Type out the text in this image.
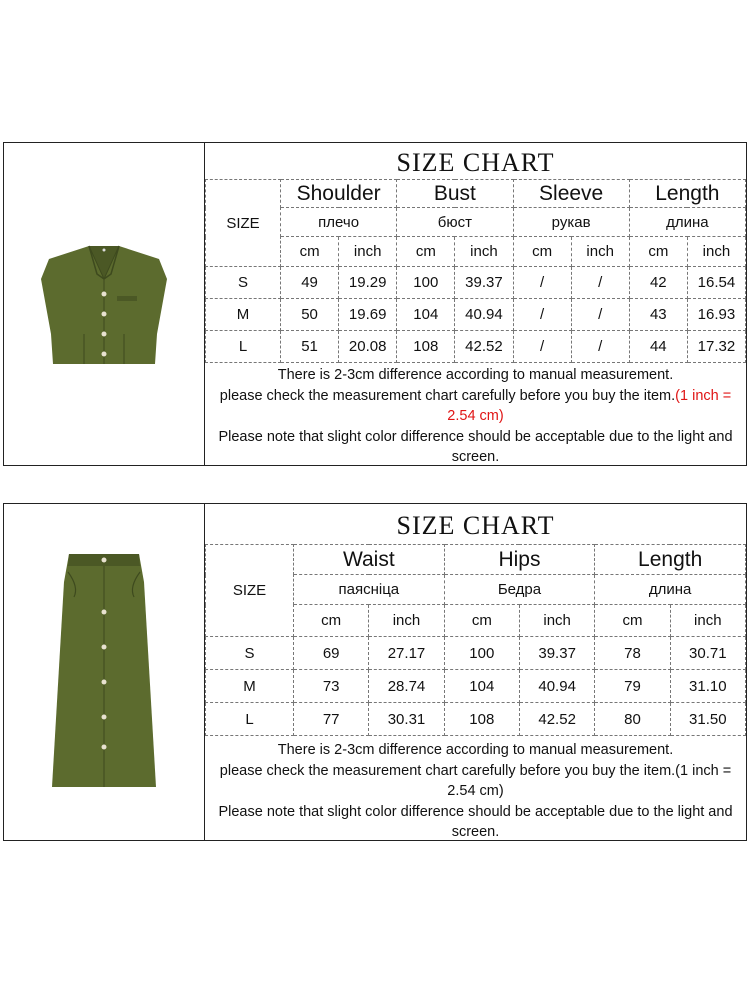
SIZE CHART
SIZE	Shoulder		Bust		Sleeve		Length	
	плечо		бюст		рукав		длина	
	cm	inch	cm	inch	cm	inch	cm	inch
S	49	19.29	100	39.37	/	/	42	16.54
M	50	19.69	104	40.94	/	/	43	16.93
L	51	20.08	108	42.52	/	/	44	17.32
There is 2-3cm difference according to manual measurement.
please check the measurement chart carefully before you buy the item.(1 inch = 2.54 cm)
Please note that slight color difference should be acceptable due to the light and screen.
SIZE CHART
SIZE	Waist		Hips		Length	
	паясніца		Бедра		длина	
	cm	inch	cm	inch	cm	inch
S	69	27.17	100	39.37	78	30.71
M	73	28.74	104	40.94	79	31.10
L	77	30.31	108	42.52	80	31.50
There is 2-3cm difference according to manual measurement.
please check the measurement chart carefully before you buy the item.(1 inch = 2.54 cm)
Please note that slight color difference should be acceptable due to the light and screen.
